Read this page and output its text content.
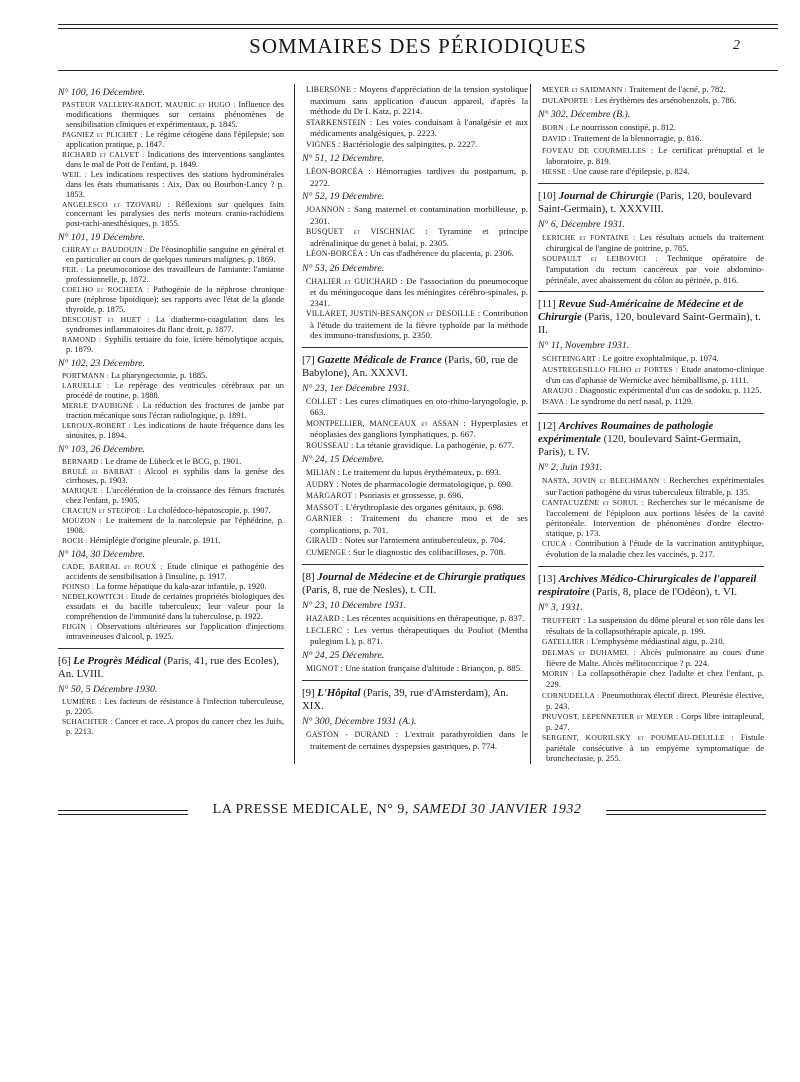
SOMMAIRES DES PÉRIODIQUES	2
N° 100, 16 Décembre.

PASTEUR VALLERY-RADOT, MAURIC et HUGO : Influence des modifications thermiques sur certains phénomènes de sensibilisation cliniques et expérimentaux, p. 1845.

PAGNIEZ et PLICHET : Le régime cétogène dans l'épilepsie; son application pratique, p. 1847.

RICHARD et CALVET : Indications des interventions sanglantes dans le mal de Pott de l'enfant, p. 1849.

WEIL : Les indications respectives des stations hydrominérales dans les états rhumatisants : Aix, Dax ou Bourbon-Lancy ? p. 1853.

ANGELESCO et TZOVARU : Réflexions sur quelques faits concernant les paralysies des nerfs moteurs cranio-rachidiens post-rachi-anesthésiques, p. 1855.

N° 101, 19 Décembre.

CHIRAY et BAUDOUIN : De l'éosinophilie sanguine en général et en particulier au cours de quelques tumeurs malignes, p. 1869.

FEIL : La pneumoconiose des travailleurs de l'amiante: l'amiante professionnelle, p. 1872.

COELHO et ROCHETA : Pathogénie de la néphrose chronique pure (néphrose lipoïdique); ses rapports avec l'état de la glande thyroïde, p. 1875.

DESCOUST et HUET : La diathermo-coagulation dans les syndromes inflammatoires du flanc droit, p. 1877.

RAMOND : Syphilis tertiaire du foie. Ictère hémolytique acquis, p. 1879.

N° 102, 23 Décembre.

PORTMANN : La pharyngectomie, p. 1885.

LARUELLE : Le repérage des ventricules cérébraux par un procédé de routine, p. 1888.

MERLE D'AUBIGNÉ : La réduction des fractures de jambe par traction mécanique sous l'écran radiologique, p. 1891.

LEROUX-ROBERT : Les indications de haute fréquence dans les sinusites, p. 1894.

N° 103, 26 Décembre.

BERNARD : Le drame de Lübeck et le BCG, p. 1901.

BRULÉ et BARBAT : Alcool et syphilis dans la genèse des cirrhoses, p. 1903.

MARIQUE : L'accélération de la croissance des fémurs fracturés chez l'enfant, p. 1905.

CRACIUN et STEOPOE : La cholédoco-hépatoscopie, p. 1907.

MOUZON : Le traitement de la narcolepsie par l'éphédrine, p. 1908.

ROCH : Hémiplégie d'origine pleurale, p. 1911.

N° 104, 30 Décembre.

CADE, BARRAL et ROUX : Etude clinique et pathogénie des accidents de sensibilisation à l'insuline, p. 1917.

POINSO : La forme hépatique du kala-azar infantile, p. 1920.

NEDELKOWITCH : Etude de certaines propriétés biologiques des exsudats et du bacille tuberculeux; leur valeur pour la compréhension de l'immunité dans la tuberculose, p. 1922.

FIJGIN : Observations ultérieures sur l'application d'injections intraveineuses d'alcool, p. 1925.

[6] Le Progrès Médical (Paris, 41, rue des Ecoles), An. LVIII.
N° 50, 5 Décembre 1930.

LUMIÈRE : Les facteurs de résistance à l'infection tuberculeuse, p. 2205.

SCHACHTER : Cancer et race. A propos du cancer chez les Juifs, p. 2213.

LIBERSONE : Moyens d'appréciation de la tension systolique maximum sans application d'aucun appareil, d'après la méthode du Dr I. Katz, p. 2214.

STARKENSTEIN : Les voies conduisant à l'analgésie et aux médicaments analgésiques, p. 2223.

VIGNES : Bactériologie des salpingites, p. 2227.

N° 51, 12 Décembre.

LÉON-BORCÉA : Hémorragies tardives du postpartum, p. 2272.

N° 52, 19 Décembre.

JOANNON : Sang maternel et contamination morbilleuse, p. 2301.

BUSQUET et VISCHNIAC : Tyramine et principe adrénalinique du genet à balai, p. 2305.

LÉON-BORCÉA : Un cas d'adhérence du placenta, p. 2306.

N° 53, 26 Décembre.

CHALIER et GUICHARD : De l'association du pneumocoque et du méningocoque dans les méningites cérébro-spinales, p. 2341.

VILLARET, JUSTIN-BESANÇON et DESOILLE : Contribution à l'étude du traitement de la fièvre typhoïde par la méthode des immuno-transfusions, p. 2350.

[7] Gazette Médicale de France (Paris, 60, rue de Babylone), An. XXXVI.
N° 23, 1er Décembre 1931.

COLLET : Les cures climatiques en oto-rhino-laryngologie, p. 663.

MONTPELLIER, MANCEAUX et ASSAN : Hyperplasies et néoplasies des ganglions lymphatiques, p. 667.

ROUSSEAU : La tétanie gravidique. La pathogénie, p. 677.

N° 24, 15 Décembre.

MILIAN : Le traitement du lupus érythémateux, p. 693.

AUDRY : Notes de pharmacologie dermatologique, p. 690.

MARGAROT : Psoriasis et grossesse, p. 696.

MASSOT : L'érythroplasie des organes génitaux, p. 698.

GARNIER : Traitement du chancre mou et de ses complications, p. 701.

GIRAUD : Notes sur l'armement antituberculeux, p. 704.

CUMENGE : Sur le diagnostic des colibacilloses, p. 708.

[8] Journal de Médecine et de Chirurgie pratiques (Paris, 8, rue de Nesles), t. CII.
N° 23, 10 Décembre 1931.

HAZARD : Les récentes acquisitions en thérapeutique, p. 837.

LECLERC : Les vertus thérapeutiques du Pouliot (Mentha pulegium L), p. 871.

N° 24, 25 Décembre.

MIGNOT : Une station française d'altitude : Briançon, p. 885.

[9] L'Hôpital (Paris, 39, rue d'Amsterdam), An. XIX.
N° 300, Décembre 1931 (A.).

GASTON - DURAND : L'extrait parathyroïdien dans le traitement de certaines dyspepsies gastriques, p. 774.

MEYER et SAIDMANN : Traitement de l'acné, p. 782.

DULAPORTE : Les érythèmes des arsénobenzols, p. 786.

N° 302, Décembre (B.).

BORN : Le nourrisson constipé, p. 812.

DAVID : Traitement de la blennorragie, p. 816.

FOVEAU DE COURMELLES : Le certificat prénuptial et le laboratoire, p. 819.

HESSE : Une cause rare d'épilepsie, p. 824.

[10] Journal de Chirurgie (Paris, 120, boulevard Saint-Germain), t. XXXVIII.
N° 6, Décembre 1931.

LERICHE et FONTAINE : Les résultats actuels du traitement chirurgical de l'angine de poitrine, p. 785.

SOUPAULT et LEIBOVICI : Technique opératoire de l'amputation du rectum cancéreux par voie abdomino-périnéale, avec abaissement du côlon au périnée, p. 816.

[11] Revue Sud-Américaine de Médecine et de Chirurgie (Paris, 120, boulevard Saint-Germain), t. II.
N° 11, Novembre 1931.

SCHTEINGART : Le goitre exophtalmique, p. 1074.

AUSTREGESILLO FILHO et FORTES : Etude anatomo-clinique d'un cas d'aphasie de Wernicke avec hémiballisme, p. 1111.

ARAUJO : Diagnostic expérimental d'un cas de sodoku, p. 1125.

ISAVA : Le syndrome du nerf nasal, p. 1129.

[12] Archives Roumaines de pathologie expérimentale (120, boulevard Saint-Germain, Paris), t. IV.
N° 2, Juin 1931.

NASTA, JOVIN et BLECHMANN : Recherches expérimentales sur l'action pathogène du virus tuberculeux filtrable, p. 135.

CANTACUZÈNE et SORUL : Recherches sur le mécanisme de l'accolement de l'épiploon aux portions lésées de la cavité péritonéale. Intervention de phénomènes d'ordre électro-statique, p. 173.

CIUCA : Contribution à l'étude de la vaccination antityphique, évolution de la maladie chez les vaccinés, p. 217.

[13] Archives Médico-Chirurgicales de l'appareil respiratoire (Paris, 8, place de l'Odéon), t. VI.
N° 3, 1931.

TRUFFERT : La suspension du dôme pleural et son rôle dans les résultats de la collapsothérapie apicale, p. 199.

GATELLIER : L'emphysème médiastinal aigu, p. 210.

DELMAS et DUHAMEL : Abcès pulmonaire au cours d'une fièvre de Malte. Abcès mélitococcique ? p. 224.

MORIN : La collapsothérapie chez l'adulte et chez l'enfant, p. 229.

CORNUDELLA : Pneumothorax électif direct. Pleurésie élective, p. 243.

PRUVOST, LEPENNETIER et MEYER : Corps libre intrapleural, p. 247.

SERGENT, KOURILSKY et POUMEAU-DELILLE : Fistule pariétale consécutive à un empyème symptomatique de bronchectasie, p. 255.

LA PRESSE MEDICALE, N° 9, SAMEDI 30 JANVIER 1932
